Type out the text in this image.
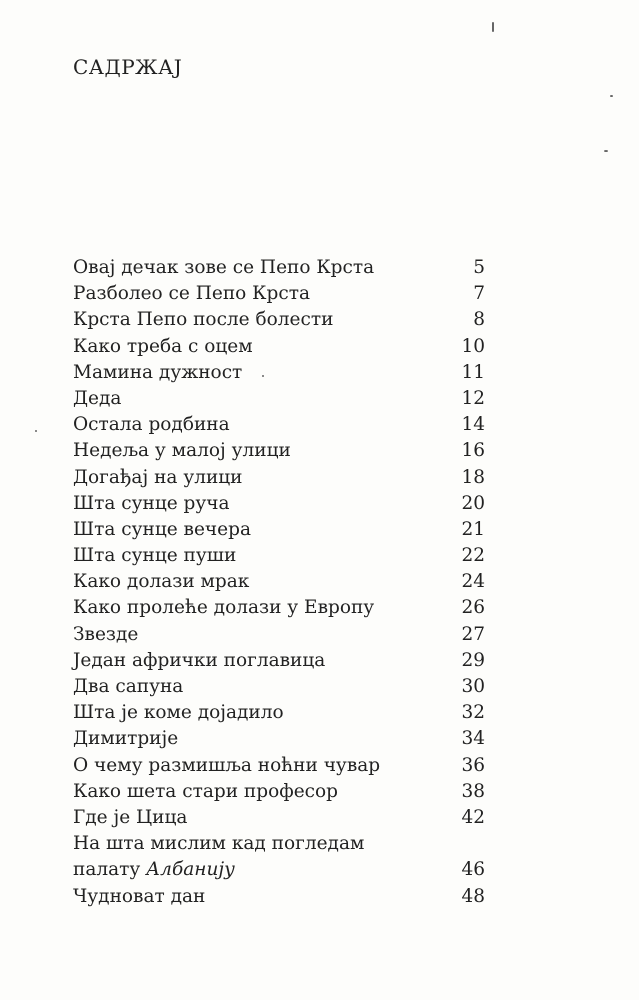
САДРЖАЈ
Овај дечак зове се Пепо Крста	5
Разболео се Пепо Крста	7
Крста Пепо после болести	8
Како треба с оцем	10
Мамина дужност	11
Деда	12
Остала родбина	14
Недеља у малој улици	16
Догађај на улици	18
Шта сунце руча	20
Шта сунце вечера	21
Шта сунце пуши	22
Како долази мрак	24
Како пролеће долази у Европу	26
Звезде	27
Један афрички поглавица	29
Два сапуна	30
Шта је коме дојадило	32
Димитрије	34
О чему размишља ноћни чувар	36
Како шета стари професор	38
Где је Цица	42
На шта мислим кад погледам
палату Албанију	46
Чудноват дан	48
